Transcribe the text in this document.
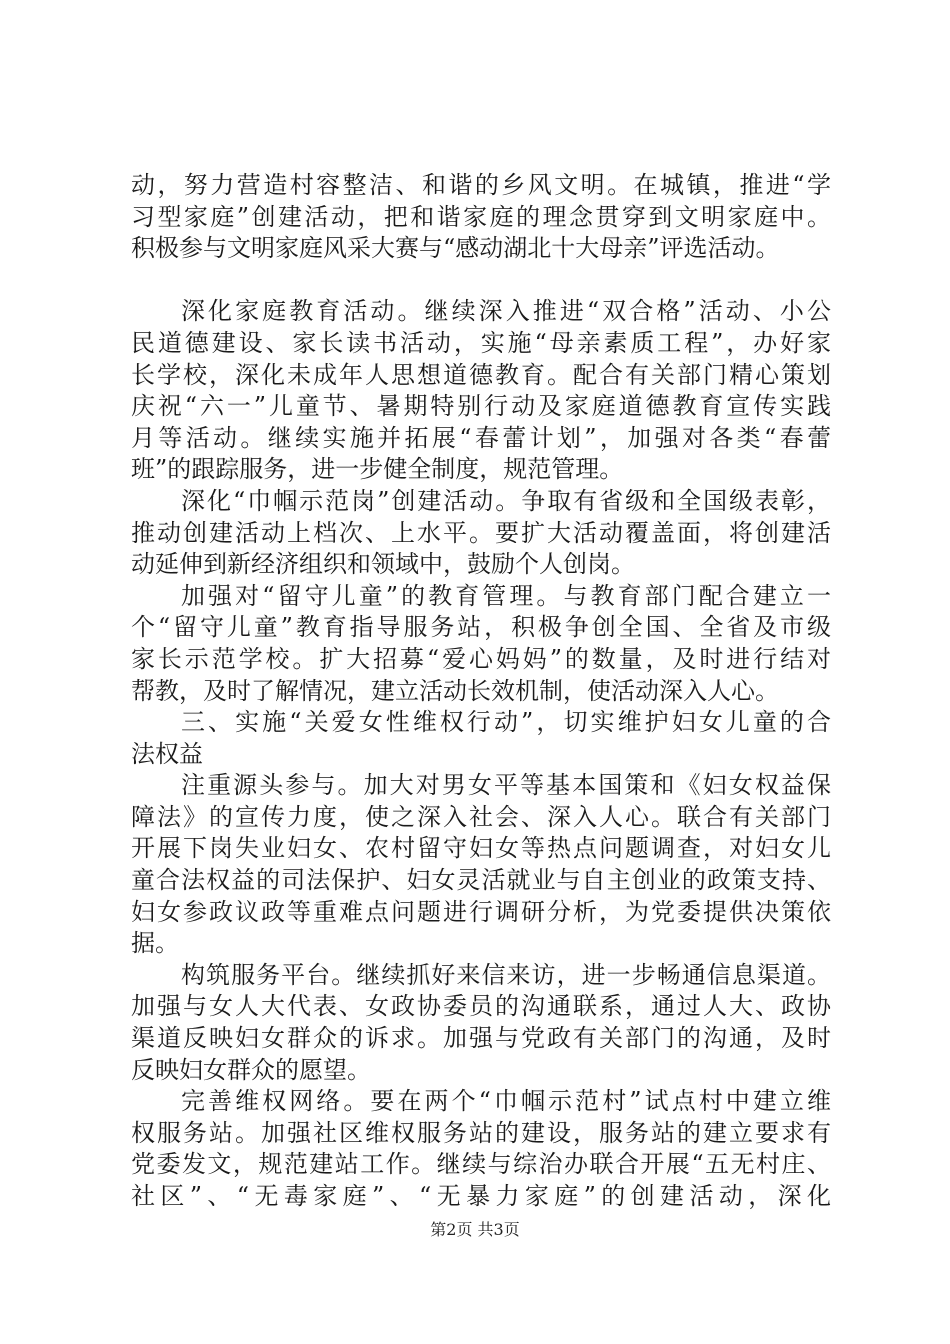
动，努力营造村容整洁、和谐的乡风文明。在城镇，推进“学
习型家庭”创建活动，把和谐家庭的理念贯穿到文明家庭中。
积极参与文明家庭风采大赛与“感动湖北十大母亲”评选活动。
深化家庭教育活动。继续深入推进“双合格”活动、小公
民道德建设、家长读书活动，实施“母亲素质工程”，办好家
长学校，深化未成年人思想道德教育。配合有关部门精心策划
庆祝“六一”儿童节、暑期特别行动及家庭道德教育宣传实践
月等活动。继续实施并拓展“春蕾计划”，加强对各类“春蕾
班”的跟踪服务，进一步健全制度，规范管理。
深化“巾帼示范岗”创建活动。争取有省级和全国级表彰，
推动创建活动上档次、上水平。要扩大活动覆盖面，将创建活
动延伸到新经济组织和领域中，鼓励个人创岗。
加强对“留守儿童”的教育管理。与教育部门配合建立一
个“留守儿童”教育指导服务站，积极争创全国、全省及市级
家长示范学校。扩大招募“爱心妈妈”的数量，及时进行结对
帮教，及时了解情况，建立活动长效机制，使活动深入人心。
三、实施“关爱女性维权行动”，切实维护妇女儿童的合
法权益
注重源头参与。加大对男女平等基本国策和《妇女权益保
障法》的宣传力度，使之深入社会、深入人心。联合有关部门
开展下岗失业妇女、农村留守妇女等热点问题调查，对妇女儿
童合法权益的司法保护、妇女灵活就业与自主创业的政策支持、
妇女参政议政等重难点问题进行调研分析，为党委提供决策依
据。
构筑服务平台。继续抓好来信来访，进一步畅通信息渠道。
加强与女人大代表、女政协委员的沟通联系，通过人大、政协
渠道反映妇女群众的诉求。加强与党政有关部门的沟通，及时
反映妇女群众的愿望。
完善维权网络。要在两个“巾帼示范村”试点村中建立维
权服务站。加强社区维权服务站的建设，服务站的建立要求有
党委发文，规范建站工作。继续与综治办联合开展“五无村庄、
社区”、“无毒家庭”、“无暴力家庭”的创建活动，深化
第2页 共3页
